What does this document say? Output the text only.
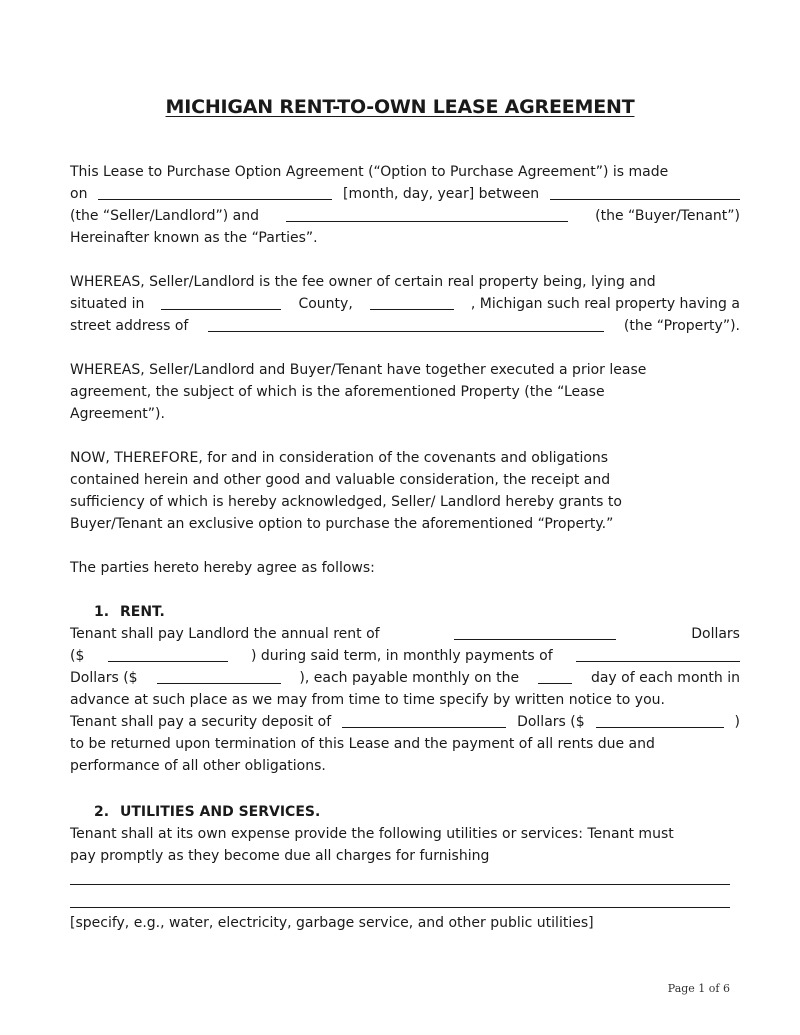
MICHIGAN RENT-TO-OWN LEASE AGREEMENT
This Lease to Purchase Option Agreement (“Option to Purchase Agreement”) is made
on	[month, day, year] between
(the “Seller/Landlord”) and	(the “Buyer/Tenant”)
Hereinafter known as the “Parties”.
WHEREAS, Seller/Landlord is the fee owner of certain real property being, lying and
situated in	County,	, Michigan such real property having a
street address of	(the “Property”).
WHEREAS, Seller/Landlord and Buyer/Tenant have together executed a prior lease
agreement, the subject of which is the aforementioned Property (the “Lease
Agreement”).
NOW, THEREFORE, for and in consideration of the covenants and obligations
contained herein and other good and valuable consideration, the receipt and
sufficiency of which is hereby acknowledged, Seller/ Landlord hereby grants to
Buyer/Tenant an exclusive option to purchase the aforementioned “Property.”
The parties hereto hereby agree as follows:
1. RENT.
Tenant shall pay Landlord the annual rent of	Dollars
($	) during said term, in monthly payments of
Dollars ($	), each payable monthly on the	day of each month in
advance at such place as we may from time to time specify by written notice to you.
Tenant shall pay a security deposit of	Dollars ($	)
to be returned upon termination of this Lease and the payment of all rents due and
performance of all other obligations.
2. UTILITIES AND SERVICES.
Tenant shall at its own expense provide the following utilities or services: Tenant must
pay promptly as they become due all charges for furnishing
[specify, e.g., water, electricity, garbage service, and other public utilities]
Page 1 of 6
